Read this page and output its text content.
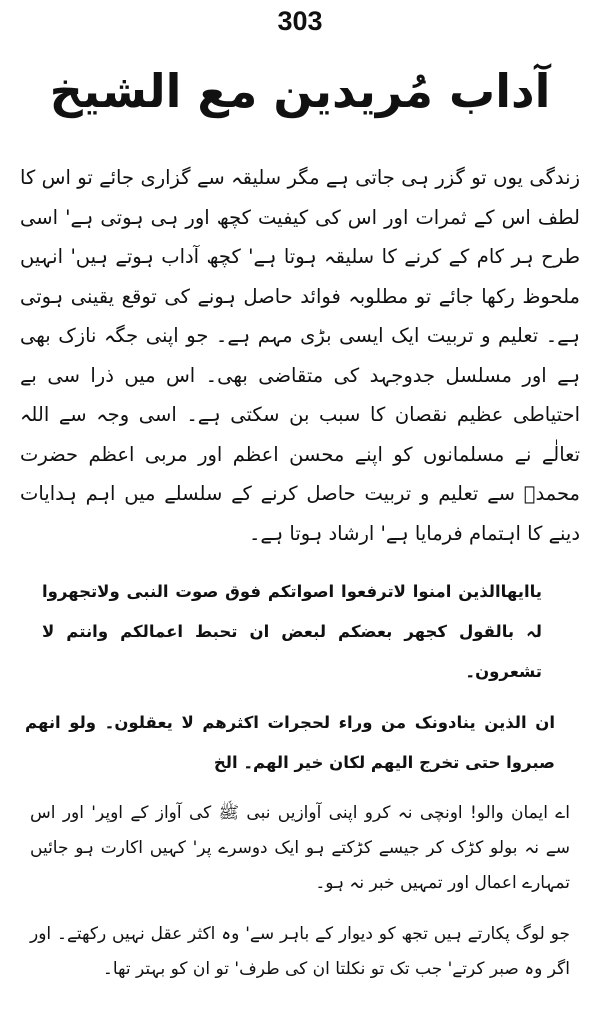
303
آداب مُریدین مع الشیخ
زندگی یوں تو گزر ہی جاتی ہے مگر سلیقہ سے گزاری جائے تو اس کا لطف اس کے ثمرات اور اس کی کیفیت کچھ اور ہی ہوتی ہے' اسی طرح ہر کام کے کرنے کا سلیقہ ہوتا ہے' کچھ آداب ہوتے ہیں' انہیں ملحوظ رکھا جائے تو مطلوبہ فوائد حاصل ہونے کی توقع یقینی ہوتی ہے۔ تعلیم و تربیت ایک ایسی بڑی مہم ہے۔ جو اپنی جگہ نازک بھی ہے اور مسلسل جدوجہد کی متقاضی بھی۔ اس میں ذرا سی بے احتیاطی عظیم نقصان کا سبب بن سکتی ہے۔ اسی وجہ سے اللہ تعالٰے نے مسلمانوں کو اپنے محسن اعظم اور مربی اعظم حضرت محمدؐ سے تعلیم و تربیت حاصل کرنے کے سلسلے میں اہم ہدایات دینے کا اہتمام فرمایا ہے' ارشاد ہوتا ہے۔
یاایھاالذین امنوا لاترفعوا اصواتکم فوق صوت النبی ولاتجھروا لہ بالقول کجھر بعضکم لبعض ان تحبط اعمالکم وانتم لا تشعرون۔
ان الذین ینادونک من وراء لحجرات اکثرھم لا یعقلون۔ ولو انھم صبروا حتی تخرج الیھم لکان خیر الھم۔ الخ
اے ایمان والو! اونچی نہ کرو اپنی آوازیں نبی ﷺ کی آواز کے اوپر' اور اس سے نہ بولو کڑک کر جیسے کڑکتے ہو ایک دوسرے پر' کہیں اکارت ہو جائیں تمہارے اعمال اور تمہیں خبر نہ ہو۔
جو لوگ پکارتے ہیں تجھ کو دیوار کے باہر سے' وہ اکثر عقل نہیں رکھتے۔ اور اگر وہ صبر کرتے' جب تک تو نکلتا ان کی طرف' تو ان کو بہتر تھا۔
